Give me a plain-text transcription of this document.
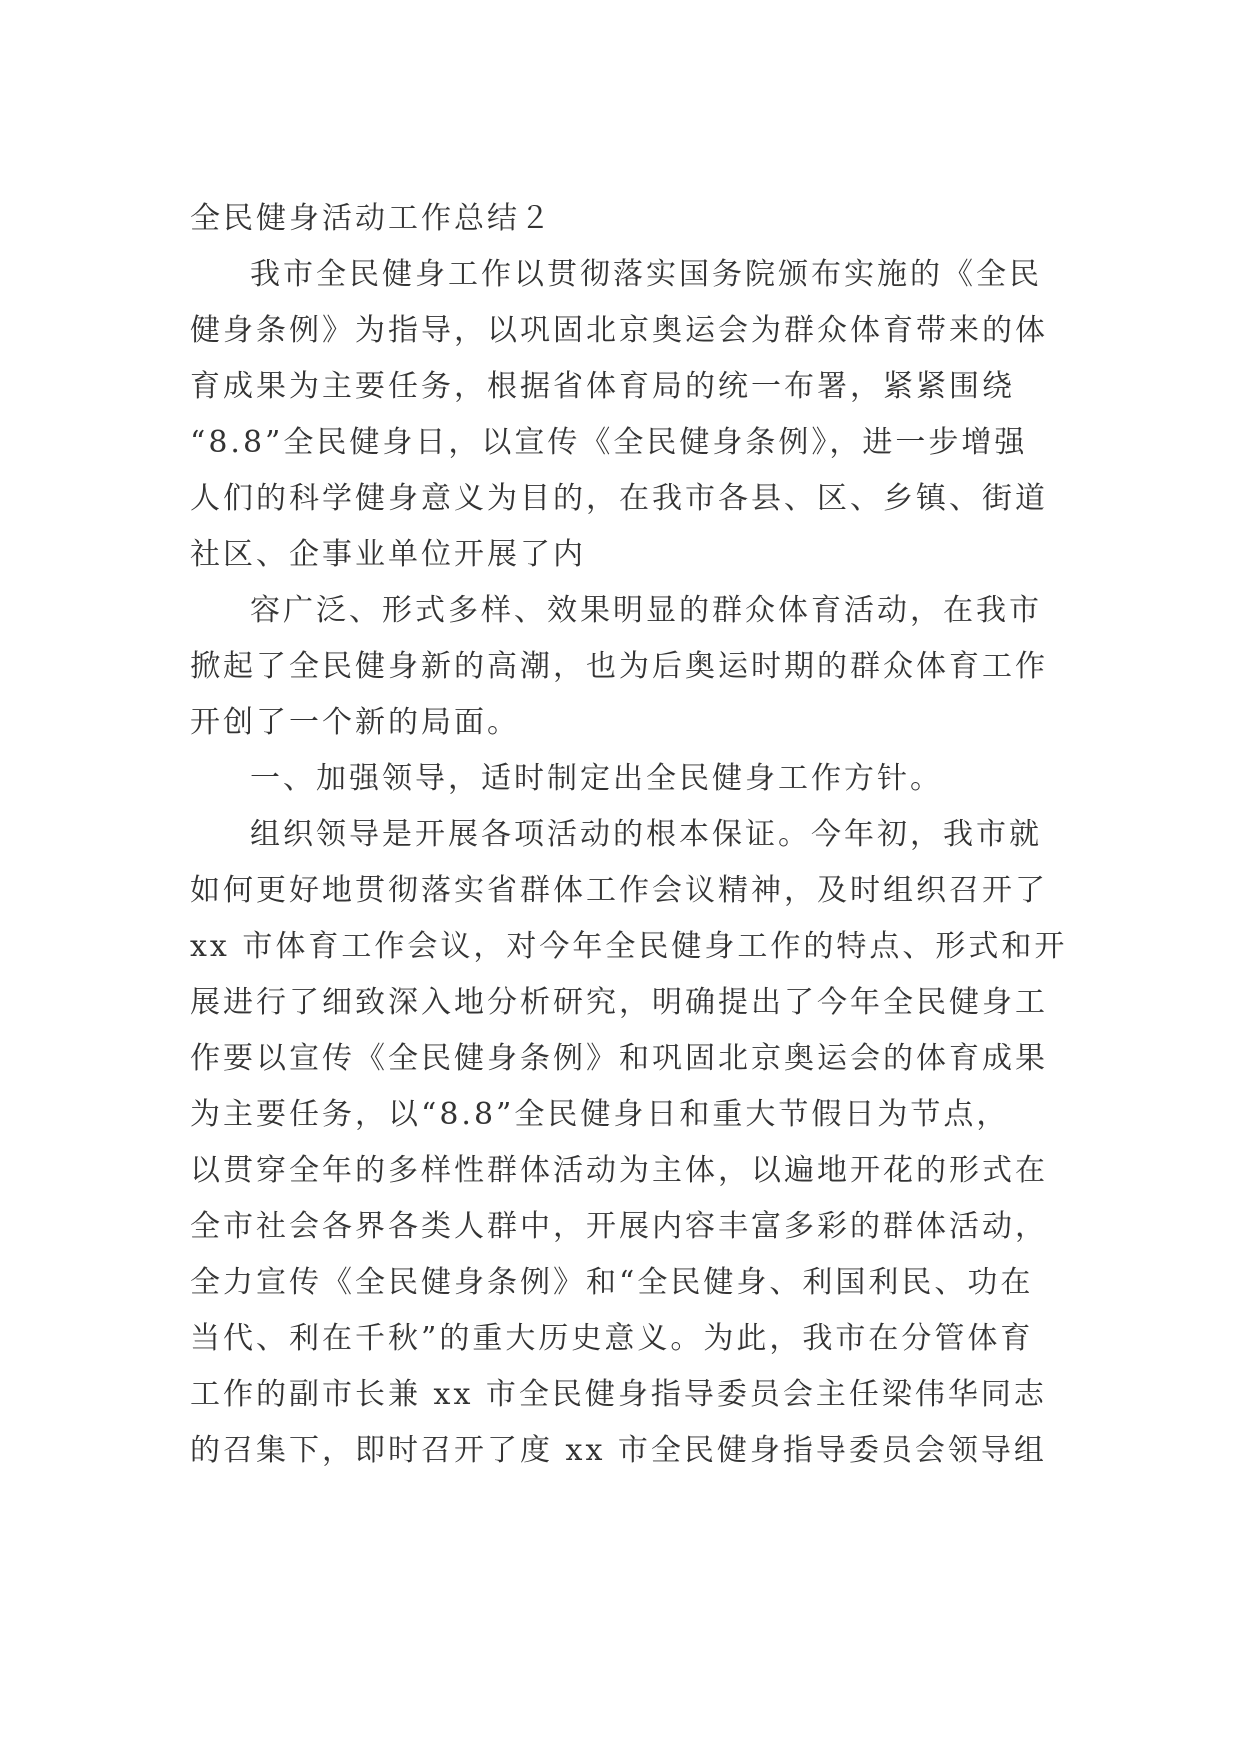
全民健身活动工作总结２
我市全民健身工作以贯彻落实国务院颁布实施的《全民
健身条例》为指导，以巩固北京奥运会为群众体育带来的体
育成果为主要任务，根据省体育局的统一布署，紧紧围绕
“8.8”全民健身日，以宣传《全民健身条例》，进一步增强
人们的科学健身意义为目的，在我市各县、区、乡镇、街道
社区、企事业单位开展了内
容广泛、形式多样、效果明显的群众体育活动，在我市
掀起了全民健身新的高潮，也为后奥运时期的群众体育工作
开创了一个新的局面。
一、加强领导，适时制定出全民健身工作方针。
组织领导是开展各项活动的根本保证。今年初，我市就
如何更好地贯彻落实省群体工作会议精神，及时组织召开了
xx 市体育工作会议，对今年全民健身工作的特点、形式和开
展进行了细致深入地分析研究，明确提出了今年全民健身工
作要以宣传《全民健身条例》和巩固北京奥运会的体育成果
为主要任务，以“8.8”全民健身日和重大节假日为节点，
以贯穿全年的多样性群体活动为主体，以遍地开花的形式在
全市社会各界各类人群中，开展内容丰富多彩的群体活动，
全力宣传《全民健身条例》和“全民健身、利国利民、功在
当代、利在千秋”的重大历史意义。为此，我市在分管体育
工作的副市长兼 xx 市全民健身指导委员会主任梁伟华同志
的召集下，即时召开了度 xx 市全民健身指导委员会领导组
